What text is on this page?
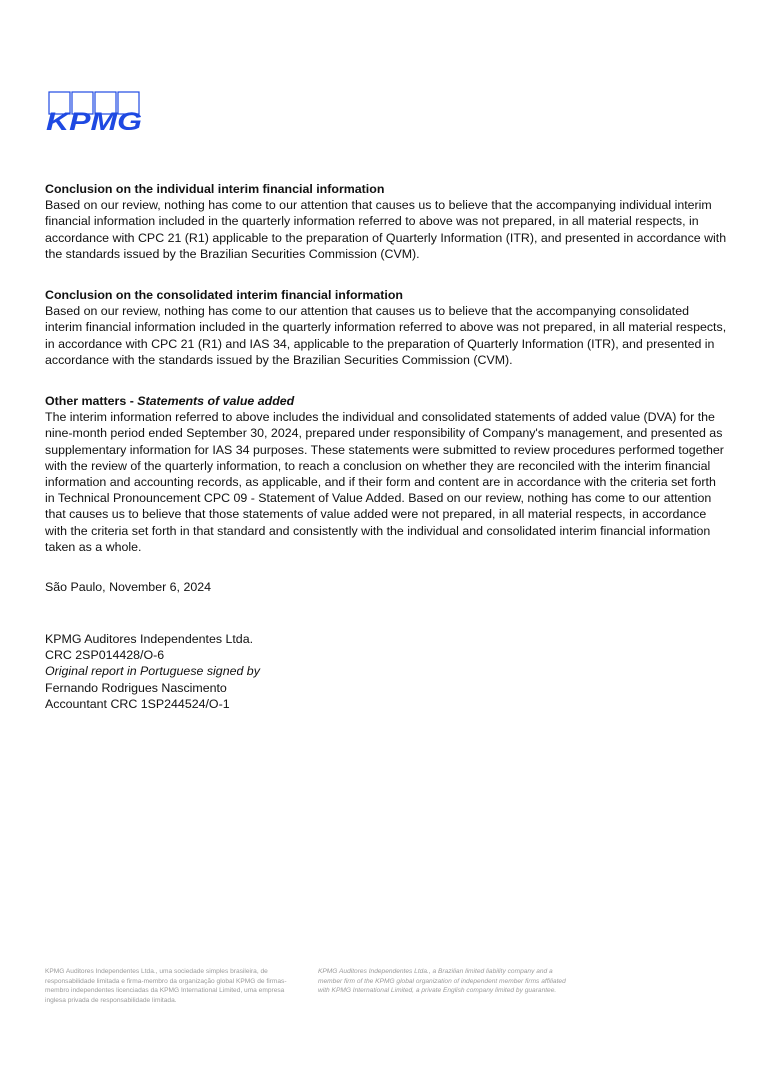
KPMG
Conclusion on the individual interim financial information

Based on our review, nothing has come to our attention that causes us to believe that the accompanying individual interim financial information included in the quarterly information referred to above was not prepared, in all material respects, in accordance with CPC 21 (R1) applicable to the preparation of Quarterly Information (ITR), and presented in accordance with the standards issued by the Brazilian Securities Commission (CVM).

Conclusion on the consolidated interim financial information

Based on our review, nothing has come to our attention that causes us to believe that the accompanying consolidated interim financial information included in the quarterly information referred to above was not prepared, in all material respects, in accordance with CPC 21 (R1) and IAS 34, applicable to the preparation of Quarterly Information (ITR), and presented in accordance with the standards issued by the Brazilian Securities Commission (CVM).

Other matters - Statements of value added

The interim information referred to above includes the individual and consolidated statements of added value (DVA) for the nine-month period ended September 30, 2024, prepared under responsibility of Company's management, and presented as supplementary information for IAS 34 purposes. These statements were submitted to review procedures performed together with the review of the quarterly information, to reach a conclusion on whether they are reconciled with the interim financial information and accounting records, as applicable, and if their form and content are in accordance with the criteria set forth in Technical Pronouncement CPC 09 - Statement of Value Added. Based on our review, nothing has come to our attention that causes us to believe that those statements of value added were not prepared, in all material respects, in accordance with the criteria set forth in that standard and consistently with the individual and consolidated interim financial information taken as a whole.

São Paulo, November 6, 2024
KPMG Auditores Independentes Ltda.
CRC 2SP014428/O-6
Original report in Portuguese signed by
Fernando Rodrigues Nascimento
Accountant CRC 1SP244524/O-1
KPMG Auditores Independentes Ltda., uma sociedade simples brasileira, de responsabilidade limitada e firma-membro da organização global KPMG de firmas-membro independentes licenciadas da KPMG International Limited, uma empresa inglesa privada de responsabilidade limitada.
KPMG Auditores Independentes Ltda., a Brazilian limited liability company and a member firm of the KPMG global organization of independent member firms affiliated with KPMG International Limited, a private English company limited by guarantee.
